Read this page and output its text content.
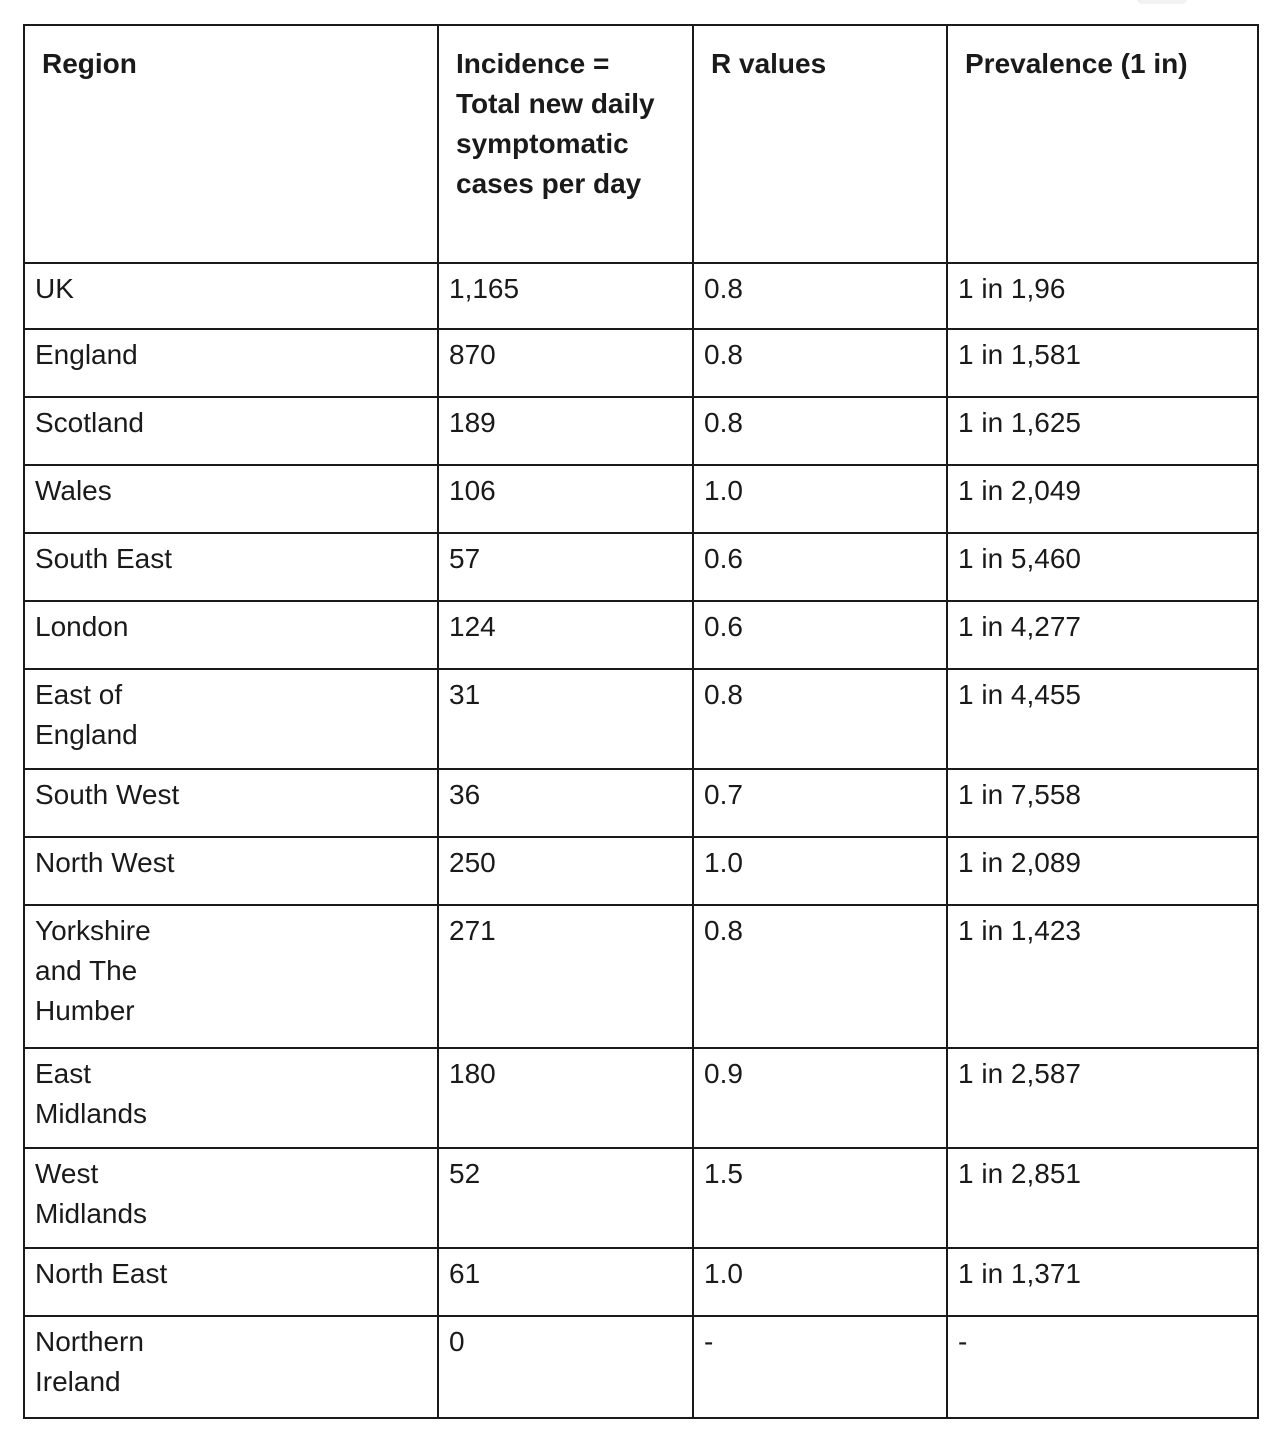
Region	Incidence = Total new daily symptomatic cases per day	R values	Prevalence (1 in)
UK	1,165	0.8	1 in 1,96
England	870	0.8	1 in 1,581
Scotland	189	0.8	1 in 1,625
Wales	106	1.0	1 in 2,049
South East	57	0.6	1 in 5,460
London	124	0.6	1 in 4,277
East of England	31	0.8	1 in 4,455
South West	36	0.7	1 in 7,558
North West	250	1.0	1 in 2,089
Yorkshire and The Humber	271	0.8	1 in 1,423
East Midlands	180	0.9	1 in 2,587
West Midlands	52	1.5	1 in 2,851
North East	61	1.0	1 in 1,371
Northern Ireland	0	-	-
